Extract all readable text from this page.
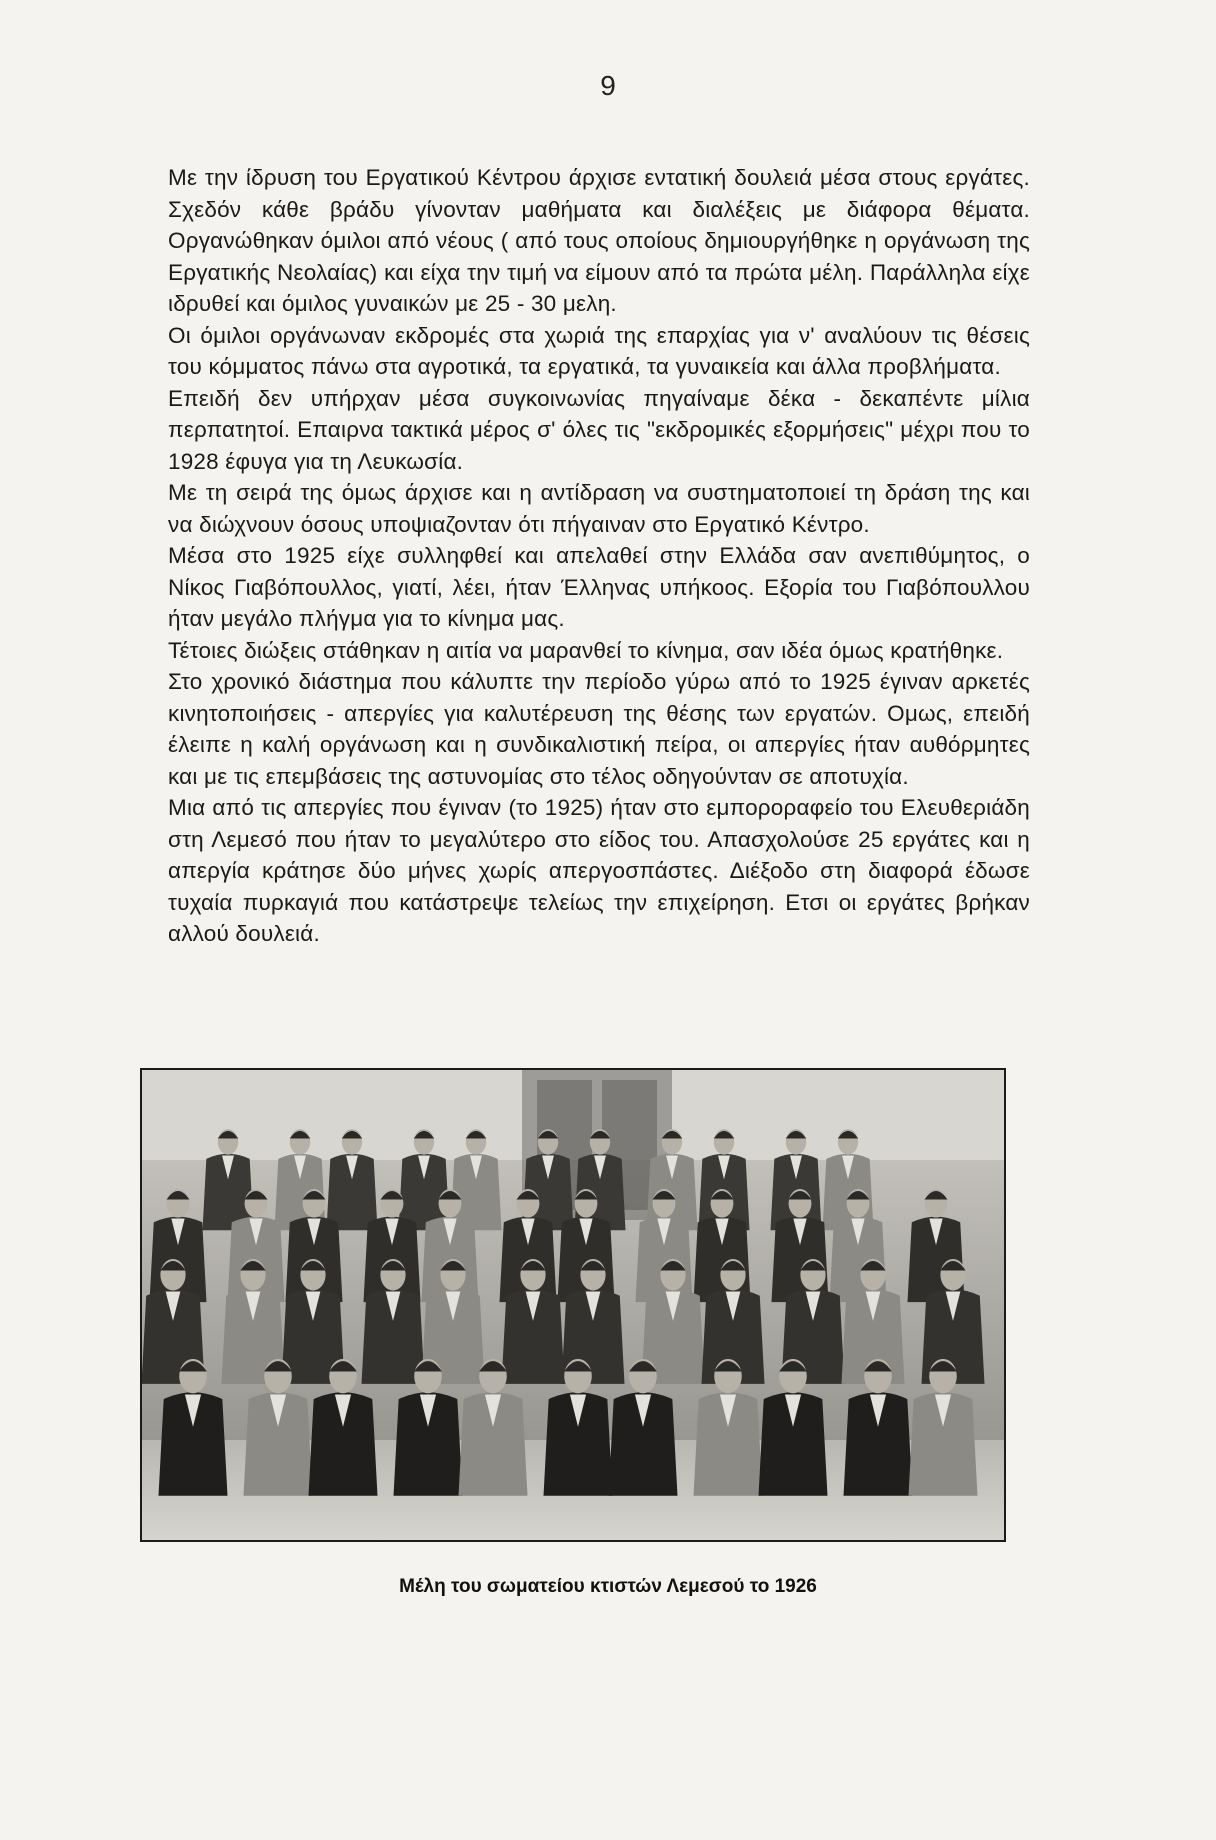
9

Με την ίδρυση του Εργατικού Κέντρου άρχισε εντατική δουλειά μέσα στους εργάτες. Σχεδόν κάθε βράδυ γίνονταν μαθήματα και διαλέξεις με διάφορα θέματα. Οργανώθηκαν όμιλοι από νέους ( από τους οποίους δημιουργήθηκε η οργάνωση της Εργατικής Νεολαίας) και είχα την τιμή να είμουν από τα πρώτα μέλη. Παράλληλα είχε ιδρυθεί και όμιλος γυναικών με 25 - 30 μελη.

Οι όμιλοι οργάνωναν εκδρομές στα χωριά της επαρχίας για ν' αναλύουν τις θέσεις του κόμματος πάνω στα αγροτικά, τα εργατικά, τα γυναικεία και άλλα προβλήματα.

Επειδή δεν υπήρχαν μέσα συγκοινωνίας πηγαίναμε δέκα - δεκαπέντε μίλια περπατητοί. Επαιρνα τακτικά μέρος σ' όλες τις "εκδρομικές εξορμήσεις" μέχρι που το 1928 έφυγα για τη Λευκωσία.

Με τη σειρά της όμως άρχισε και η αντίδραση να συστηματοποιεί τη δράση της και να διώχνουν όσους υποψιαζονταν ότι πήγαιναν στο Εργατικό Κέντρο.

Μέσα στο 1925 είχε συλληφθεί και απελαθεί στην Ελλάδα σαν ανεπιθύμητος, ο Νίκος Γιαβόπουλλος, γιατί, λέει, ήταν Έλληνας υπήκοος. Εξορία του Γιαβόπουλλου ήταν μεγάλο πλήγμα για το κίνημα μας.

Τέτοιες διώξεις στάθηκαν η αιτία να μαρανθεί το κίνημα, σαν ιδέα όμως κρατήθηκε.

Στο χρονικό διάστημα που κάλυπτε την περίοδο γύρω από το 1925 έγιναν αρκετές κινητοποιήσεις - απεργίες για καλυτέρευση της θέσης των εργατών. Ομως, επειδή έλειπε η καλή οργάνωση και η συνδικαλιστική πείρα, οι απεργίες ήταν αυθόρμητες και με τις επεμβάσεις της αστυνομίας στο τέλος οδηγούνταν σε αποτυχία.

Μια από τις απεργίες που έγιναν (το 1925) ήταν στο εμποροραφείο του Ελευθεριάδη στη Λεμεσό που ήταν το μεγαλύτερο στο είδος του. Απασχολούσε 25 εργάτες και η απεργία κράτησε δύο μήνες χωρίς απεργοσπάστες. Διέξοδο στη διαφορά έδωσε τυχαία πυρκαγιά που κατάστρεψε τελείως την επιχείρηση. Ετσι οι εργάτες βρήκαν αλλού δουλειά.

Μέλη του σωματείου κτιστών Λεμεσού το 1926
